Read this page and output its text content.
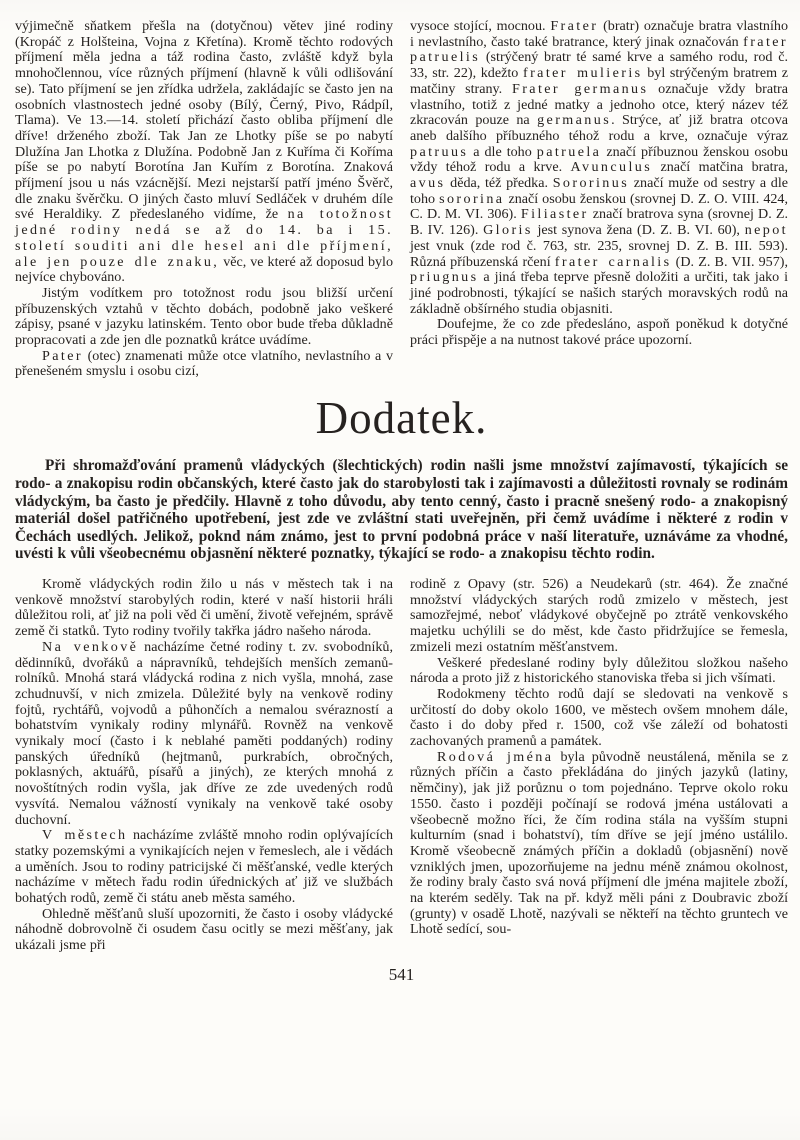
výjimečně sňatkem přešla na (dotyčnou) větev jiné rodiny (Kropáč z Holšteina, Vojna z Křetína). Kromě těchto rodových příjmení měla jedna a táž rodina často, zvláště když byla mnohočlennou, více různých příjmení (hlavně k vůli odlišování se). Tato příjmení se jen zřídka udržela, zakládajíc se často jen na osobních vlastnostech jedné osoby (Bílý, Černý, Pivo, Rádpíl, Tlama). Ve 13.—14. století přichází často obliba příjmení dle dříve! drženého zboží. Tak Jan ze Lhotky píše se po nabytí Dlužína Jan Lhotka z Dlužína. Podobně Jan z Kuříma či Koříma píše se po nabytí Borotína Jan Kuřím z Borotína. Znaková příjmení jsou u nás vzácnější. Mezi nejstarší patří jméno Švěrč, dle znaku švěrčku. O jiných často mluví Sedláček v druhém díle své Heraldiky. Z předeslaného vidíme, že na totožnost jedné rodiny nedá se až do 14. ba i 15. století souditi ani dle hesel ani dle příjmení, ale jen pouze dle znaku, věc, ve které až doposud bylo nejvíce chybováno.

Jistým vodítkem pro totožnost rodu jsou bližší určení příbuzenských vztahů v těchto dobách, podobně jako veškeré zápisy, psané v jazyku latinském. Tento obor bude třeba důkladně propracovati a zde jen dle poznatků krátce uvádíme.

Pater (otec) znamenati může otce vlatního, nevlastního a v přenešeném smyslu i osobu cizí,

vysoce stojící, mocnou. Frater (bratr) označuje bratra vlastního i nevlastního, často také bratrance, který jinak označován frater patruelis (strýčený bratr té samé krve a samého rodu, rod č. 33, str. 22), kdežto frater mulieris byl strýčeným bratrem z matčiny strany. Frater germanus označuje vždy bratra vlastního, totiž z jedné matky a jednoho otce, který název též zkracován pouze na germanus. Strýce, ať již bratra otcova aneb dalšího příbuzného téhož rodu a krve, označuje výraz patruus a dle toho patruela značí příbuznou ženskou osobu vždy téhož rodu a krve. Avunculus značí matčina bratra, avus děda, též předka. Sororinus značí muže od sestry a dle toho sororina značí osobu ženskou (srovnej D. Z. O. VIII. 424, C. D. M. VI. 306). Filiaster značí bratrova syna (srovnej D. Z. B. IV. 126). Gloris jest synova žena (D. Z. B. VI. 60), nepot jest vnuk (zde rod č. 763, str. 235, srovnej D. Z. B. III. 593). Různá příbuzenská rčení frater carnalis (D. Z. B. VII. 957), priugnus a jiná třeba teprve přesně doložiti a určiti, tak jako i jiné podrobnosti, týkající se našich starých moravských rodů na základně obšírného studia objasniti.

Doufejme, že co zde předesláno, aspoň poněkud k dotyčné práci přispěje a na nutnost takové práce upozorní.

Dodatek.

Při shromažďování pramenů vládyckých (šlechtických) rodin našli jsme množství zajímavostí, týkajících se rodo- a znakopisu rodin občanských, které často jak do starobylosti tak i zajímavosti a důležitosti rovnaly se rodinám vládyckým, ba často je předčily. Hlavně z toho důvodu, aby tento cenný, často i pracně snešený rodo- a znakopisný materiál došel patřičného upotřebení, jest zde ve zvláštní stati uveřejněn, při čemž uvádíme i některé z rodin v Čechách usedlých. Jelikož, poknd nám známo, jest to první podobná práce v naší literatuře, uznáváme za vhodné, uvésti k vůli všeobecnému objasnění některé poznatky, týkající se rodo- a znakopisu těchto rodin.

Kromě vládyckých rodin žilo u nás v městech tak i na venkově množství starobylých rodin, které v naší historii hráli důležitou roli, ať již na poli věd či umění, životě veřejném, správě země či statků. Tyto rodiny tvořily takřka jádro našeho národa.

Na venkově nacházíme četné rodiny t. zv. svobodníků, dědinníků, dvořáků a nápravníků, tehdejších menších zemanů-rolníků. Mnohá stará vládycká rodina z nich vyšla, mnohá, zase zchudnuvší, v nich zmizela. Důležité byly na venkově rodiny fojtů, rychtářů, vojvodů a půhončích a nemalou svérazností a bohatstvím vynikaly rodiny mlynářů. Rovněž na venkově vynikaly mocí (často i k neblahé paměti poddaných) rodiny panských úředníků (hejtmanů, purkrabích, obročných, poklasných, aktuářů, písařů a jiných), ze kterých mnohá z novoštítných rodin vyšla, jak dříve ze zde uvedených rodů vysvítá. Nemalou vážností vynikaly na venkově také osoby duchovní.

V městech nacházíme zvláště mnoho rodin oplývajících statky pozemskými a vynikajících nejen v řemeslech, ale i vědách a uměních. Jsou to rodiny patricijské či měšťanské, vedle kterých nacházíme v mětech řadu rodin úřednických ať již ve službách bohatých rodů, země či státu aneb města samého.

Ohledně měšťanů sluší upozorniti, že často i osoby vládycké náhodně dobrovolně či osudem času ocitly se mezi měšťany, jak ukázali jsme při

rodině z Opavy (str. 526) a Neudekarů (str. 464). Že značné množství vládyckých starých rodů zmizelo v městech, jest samozřejmé, neboť vládykové obyčejně po ztrátě venkovského majetku uchýlili se do měst, kde často přidržujíce se řemesla, zmizeli mezi ostatním měšťanstvem.

Veškeré předeslané rodiny byly důležitou složkou našeho národa a proto již z historického stanoviska třeba si jich všímati.

Rodokmeny těchto rodů dají se sledovati na venkově s určitostí do doby okolo 1600, ve městech ovšem mnohem dále, často i do doby před r. 1500, což vše záleží od bohatosti zachovaných pramenů a památek.

Rodová jména byla původně neustálená, měnila se z různých příčin a často překládána do jiných jazyků (latiny, němčiny), jak již porůznu o tom pojednáno. Teprve okolo roku 1550. často i později počínají se rodová jména ustálovati a všeobecně možno říci, že čím rodina stála na vyšším stupni kulturním (snad i bohatství), tím dříve se její jméno ustálilo. Kromě všeobecně známých příčin a dokladů (objasnění) nově vzniklých jmen, upozorňujeme na jednu méně známou okolnost, že rodiny braly často svá nová příjmení dle jména majitele zboží, na kterém seděly. Tak na př. když měli páni z Doubravic zboží (grunty) v osadě Lhotě, nazývali se někteří na těchto gruntech ve Lhotě sedící, sou-

541
